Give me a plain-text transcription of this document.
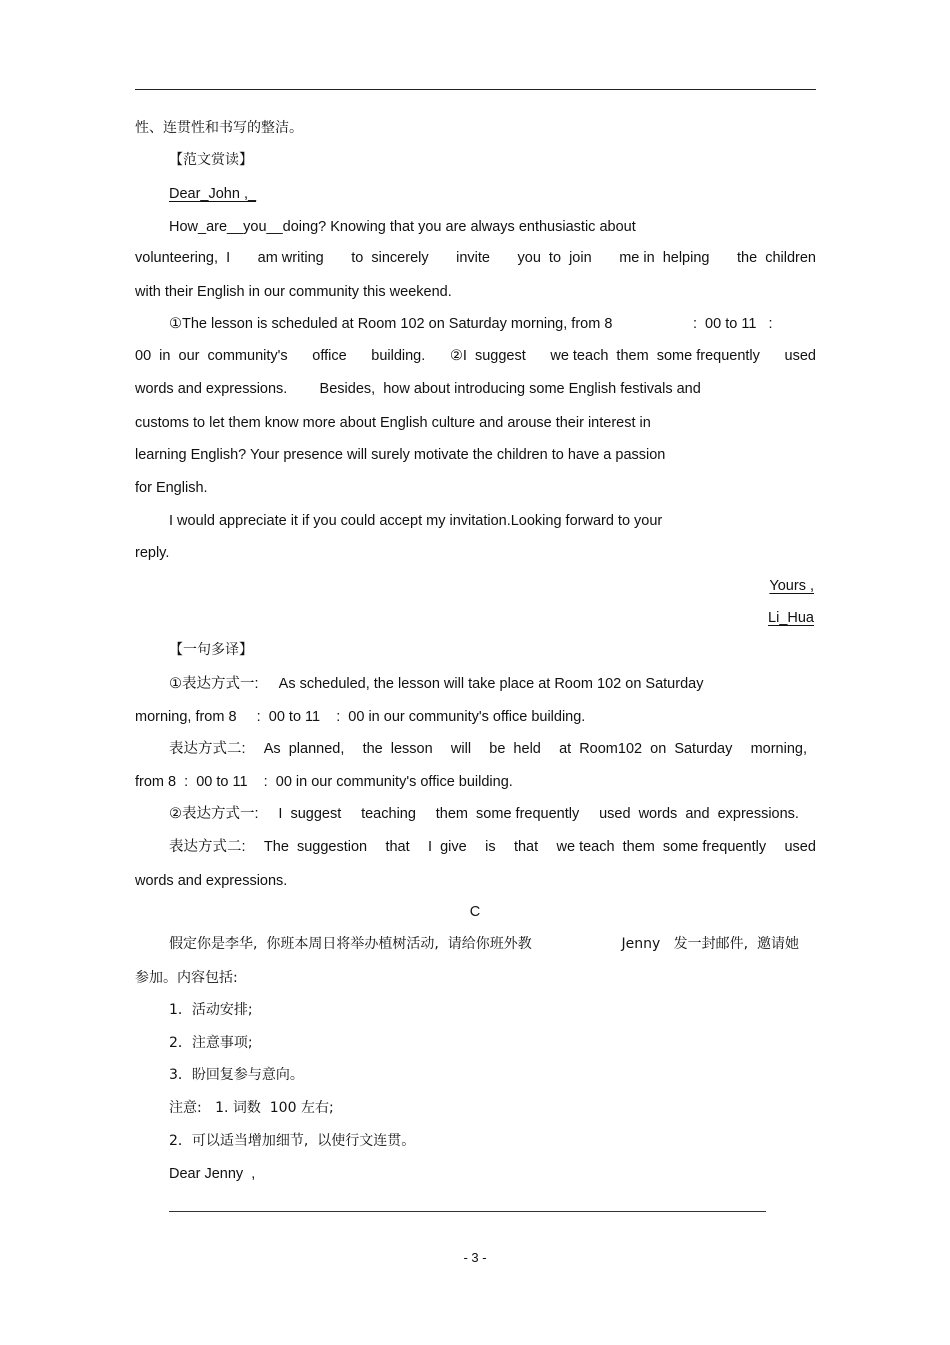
性、连贯性和书写的整洁。
【范文赏读】
Dear_John ,_
How_are__you__doing? Knowing that you are always enthusiastic about
volunteering,  I am writing to  sincerely invite you  to  join me in  helping the  children
with their English in our community this weekend.
①The lesson is scheduled at Room 102 on Saturday morning, from 8                    :  00 to 11   :
00  in  our  community's office building. ②I  suggest we teach  them  some frequently used
words and expressions.        Besides,  how about introducing some English festivals and
customs to let them know more about English culture and arouse their interest in
learning English? Your presence will surely motivate the children to have a passion
for English.
I would appreciate it if you could accept my invitation.Looking forward to your
reply.
Yours ,
Li_Hua
【一句多译】
①表达方式一:     As scheduled, the lesson will take place at Room 102 on Saturday
morning, from 8     :  00 to 11    :  00 in our community's office building.
表达方式二: As  planned, the  lesson will be  held at  Room102  on  Saturday morning,
from 8  :  00 to 11    :  00 in our community's office building.
②表达方式一: I  suggest teaching them  some frequently used  words  and  expressions.
表达方式二: The  suggestion that I  give is that we teach  them  some frequently used
words and expressions.
C
假定你是李华,  你班本周日将举办植树活动,  请给你班外教	Jenny   发一封邮件,  邀请她
参加。内容包括:
1．活动安排;
2．注意事项;
3．盼回复参与意向。
注意:   1. 词数  100 左右;
2．可以适当增加细节,  以使行文连贯。
Dear Jenny  ,
- 3 -
